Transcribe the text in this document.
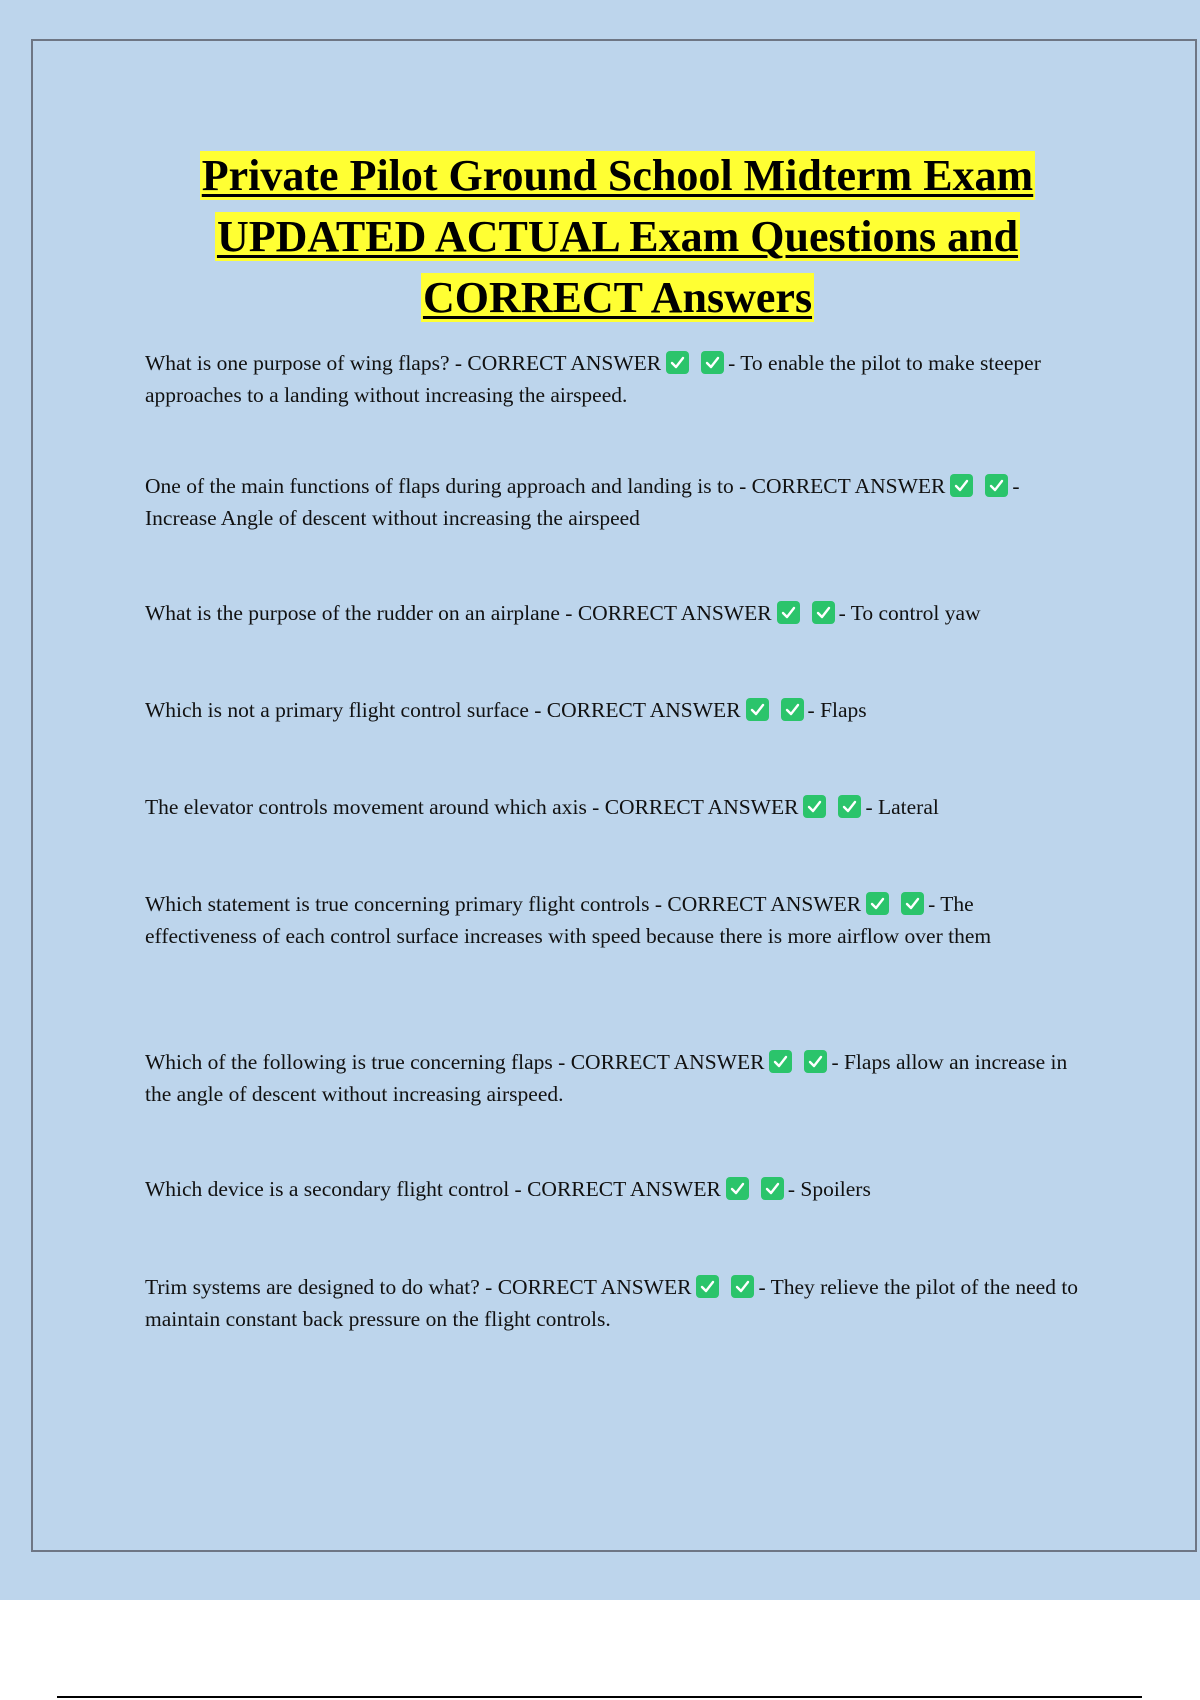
Private Pilot Ground School Midterm Exam
UPDATED ACTUAL Exam Questions and
CORRECT Answers
What is one purpose of wing flaps? - CORRECT ANSWER	- To enable the pilot to make steeper approaches to a landing without increasing the airspeed.
One of the main functions of flaps during approach and landing is to - CORRECT ANSWER	- Increase Angle of descent without increasing the airspeed
What is the purpose of the rudder on an airplane - CORRECT ANSWER	- To control yaw
Which is not a primary flight control surface - CORRECT ANSWER	- Flaps
The elevator controls movement around which axis - CORRECT ANSWER	- Lateral
Which statement is true concerning primary flight controls - CORRECT ANSWER	- The effectiveness of each control surface increases with speed because there is more airflow over them
Which of the following is true concerning flaps - CORRECT ANSWER	- Flaps allow an increase in the angle of descent without increasing airspeed.
Which device is a secondary flight control - CORRECT ANSWER	- Spoilers
Trim systems are designed to do what? - CORRECT ANSWER	- They relieve the pilot of the need to maintain constant back pressure on the flight controls.
